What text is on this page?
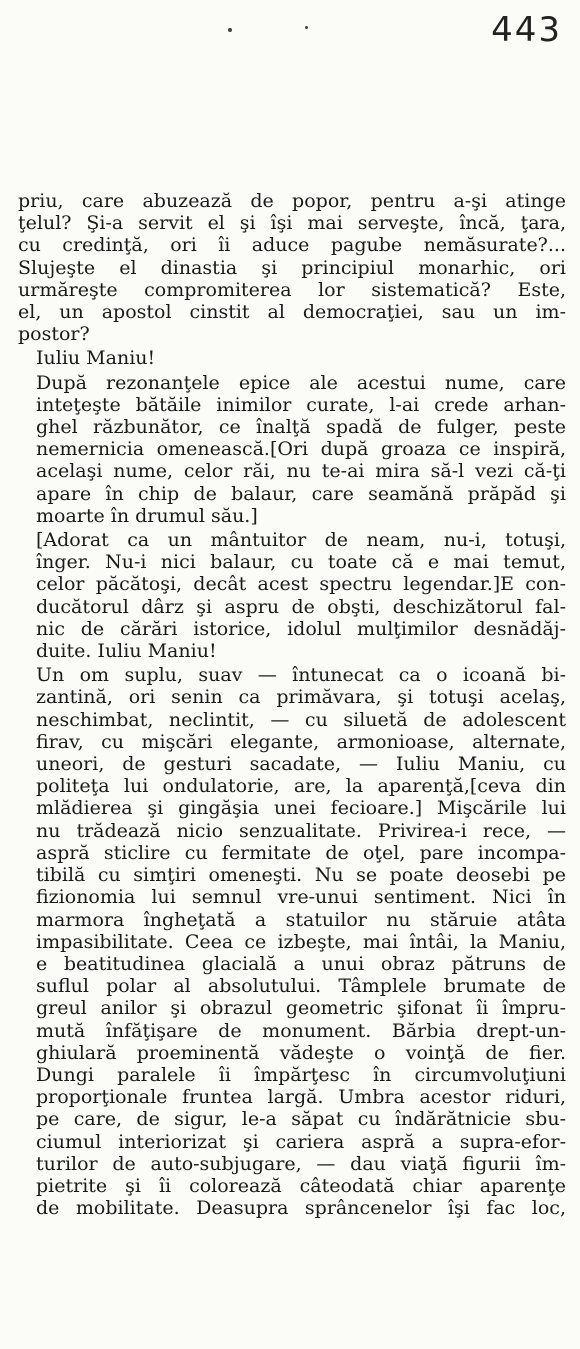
443

priu, care abuzează de popor, pentru a-şi atinge
ţelul? Şi-a servit el şi îşi mai serveşte, încă, ţara,
cu credinţă, ori îi aduce pagube nemăsurate?...
Slujeşte el dinastia şi principiul monarhic, ori
urmăreşte compromiterea lor sistematică? Este,
el, un apostol cinstit al democraţiei, sau un im-
postor?

Iuliu Maniu!

După rezonanţele epice ale acestui nume, care
inteţeşte bătăile inimilor curate, l-ai crede arhan-
ghel răzbunător, ce înalţă spadă de fulger, peste
nemernicia omenească.[Ori după groaza ce inspiră,
acelaşi nume, celor răi, nu te-ai mira să-l vezi că-ţi
apare în chip de balaur, care seamănă prăpăd şi
moarte în drumul său.]

[Adorat ca un mântuitor de neam, nu-i, totuşi,
înger. Nu-i nici balaur, cu toate că e mai temut,
celor păcătoşi, decât acest spectru legendar.]E con-
ducătorul dârz şi aspru de obşti, deschizătorul fal-
nic de cărări istorice, idolul mulţimilor desnădăj-
duite. Iuliu Maniu!

Un om suplu, suav — întunecat ca o icoană bi-
zantină, ori senin ca primăvara, şi totuşi acelaş,
neschimbat, neclintit, — cu siluetă de adolescent
firav, cu mişcări elegante, armonioase, alternate,
uneori, de gesturi sacadate, — Iuliu Maniu, cu
politeţa lui ondulatorie, are, la aparenţă,[ceva din
mlădierea şi gingăşia unei fecioare.] Mişcările lui
nu trădează nicio senzualitate. Privirea-i rece, —
aspră sticlire cu fermitate de oţel, pare incompa-
tibilă cu simţiri omeneşti. Nu se poate deosebi pe
fizionomia lui semnul vre-unui sentiment. Nici în
marmora îngheţată a statuilor nu stăruie atâta
impasibilitate. Ceea ce izbeşte, mai întâi, la Maniu,
e beatitudinea glacială a unui obraz pătruns de
suflul polar al absolutului. Tâmplele brumate de
greul anilor şi obrazul geometric şifonat îi împru-
mută înfăţişare de monument. Bărbia drept-un-
ghiulară proeminentă vădeşte o voinţă de fier.
Dungi paralele îi împărţesc în circumvoluţiuni
proporţionale fruntea largă. Umbra acestor riduri,
pe care, de sigur, le-a săpat cu îndărătnicie sbu-
ciumul interiorizat şi cariera aspră a supra-efor-
turilor de auto-subjugare, — dau viaţă figurii îm-
pietrite şi îi colorează câteodată chiar aparenţe
de mobilitate. Deasupra sprâncenelor îşi fac loc,
